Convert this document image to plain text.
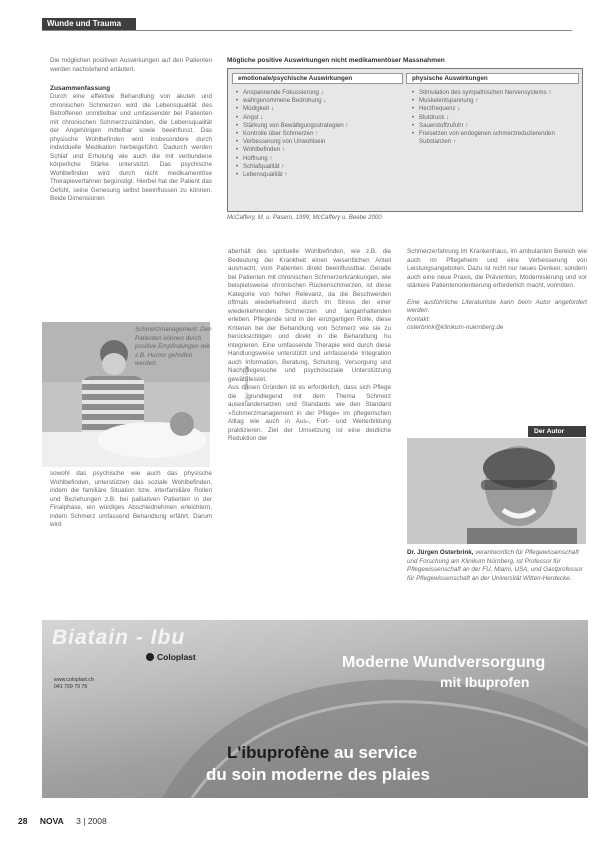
Wunde und Trauma

Die möglichen positiven Auswirkungen auf den Patienten werden nachstehend erläutert.

Zusammenfassung

Durch eine effektive Behandlung von akuten und chronischen Schmerzen wird die Lebensqualität des Betroffenen unmittelbar und umfassender bei Patienten mit chronischen Schmerzzuständen, die Lebensqualität der Angehörigen mittelbar sowie beeinflusst. Das physische Wohlbefinden wird insbesondere durch individuelle Medikation herbeigeführt. Dadurch werden Schlaf und Erholung wie auch die mit verbundene körperliche Stärke unterstützt. Das psychische Wohlbefinden wird durch nicht medikamentöse Therapieverfahren begünstigt. Hierbei hat der Patient das Gefühl, seine Genesung selbst beeinflussen zu können. Beide Dimensionen

Schmerzmanagement: Den Patienten können durch positive Empfindungen wie z.B. Humor geholfen werden.
Foto: Sandra Kuhl
sowohl das psychische wie auch das physische Wohlbefinden, unterstützen das soziale Wohlbefinden, indem die familiäre Situation bzw. interfamiliäre Rollen und Beziehungen z.B. bei palliativen Patienten in der Finalphase, ein würdiges Abschiednehmen erleichtern, indem Schmerz umfassend Behandlung erfährt. Darum wird
Mögliche positive Auswirkungen nicht medikamentöser Massnahmen
emotionale/psychische Auswirkungen	physische Auswirkungen
• Anspannende Fokussierung ↓
• wahrgenommene Bedrohung ↓
• Müdigkeit ↓
• Angst ↓
• Stärkung von Bewältigungsstrategien ↑
• Kontrolle über Schmerzen ↑
• Verbesserung von Unwohlsein
• Wohlbefinden ↑
• Hoffnung ↑
• Schlafqualität ↑
• Lebensqualität ↑
• Stimulation des sympathischen Nervensystems ↑
• Muskelentspannung ↑
• Herzfrequenz ↓
• Blutdruck ↓
• Sauerstoffzufuhr ↑
• Freisetzen von endogenen schmerzreduzierenden Substanzen ↑
McCaffery, M. u. Pasero, 1999; McCaffery u. Beebe 2000

aberhält des spirituelle Wohlbefinden, wie z.B. die Bedeutung der Krankheit einen wesentlichen Anteil ausmacht, vom Patienten direkt beeinflusstbar. Gerade bei Patienten mit chronischen Schmerzerkrankungen, wie beispielsweise chronischen Rückenschmerzen, ist diese Kategorie von hoher Relevanz, da die Beschwerden oftmals wiederkehrend durch im Stress der einer wiederkehrenden Schmerzen und langanhaltenden erleben. Pflegende sind in der einzigartigen Rolle, diese Kriterien bei der Behandlung von Schmerz wie sie zu berücksichtigen und direkt in die Behandlung hu integrieren. Eine umfassende Therapie wird durch diese Handlungsweise unterstützt und umfassende Integration auch Information, Beratung, Schulung, Versorgung und Nachpflegesuche und psychosoziale Unterstützung gewährleistet.

Aus diesen Gründen ist es erforderlich, dass sich Pflege die grundlegend mit dem Thema Schmerz auseinandersetzen und Standards wie den Standard »Schmerzmanagement in der Pflege« im pflegerischen Alltag wie auch in Aus-, Fort- und Weiterbildung praktizieren. Ziel der Umsetzung ist eine deutliche Reduktion der

Schmerzerfahrung im Krankenhaus, im ambulanten Bereich wie auch im Pflegeheim und eine Verbesserung von Leistungsangeboten. Dazu ist nicht nur neues Denken, sondern auch eine neue Praxis, die Prävention, Modernisierung und vor stärkere Patientenorientierung erforderlich macht, vonnöten.

Eine ausführliche Literaturliste kann beim Autor angefordert werden.

Kontakt:

osterbrink@klinikum-nuernberg.de

Der Autor
Dr. Jürgen Osterbrink, verantwortlich für Pflegewissenschaft und Forschung am Klinikum Nürnberg, ist Professor für Pflegewissenschaft an der FU, Miami, USA, und Gastprofessor für Pflegewissenschaft an der Universität Witten-Herdecke.
Biatain - Ibu
Coloplast
www.coloplast.ch
041 799 79 79
Moderne Wundversorgung
mit Ibuprofen
L'ibuprofène au service
du soin moderne des plaies
28 NOVA 3 | 2008
